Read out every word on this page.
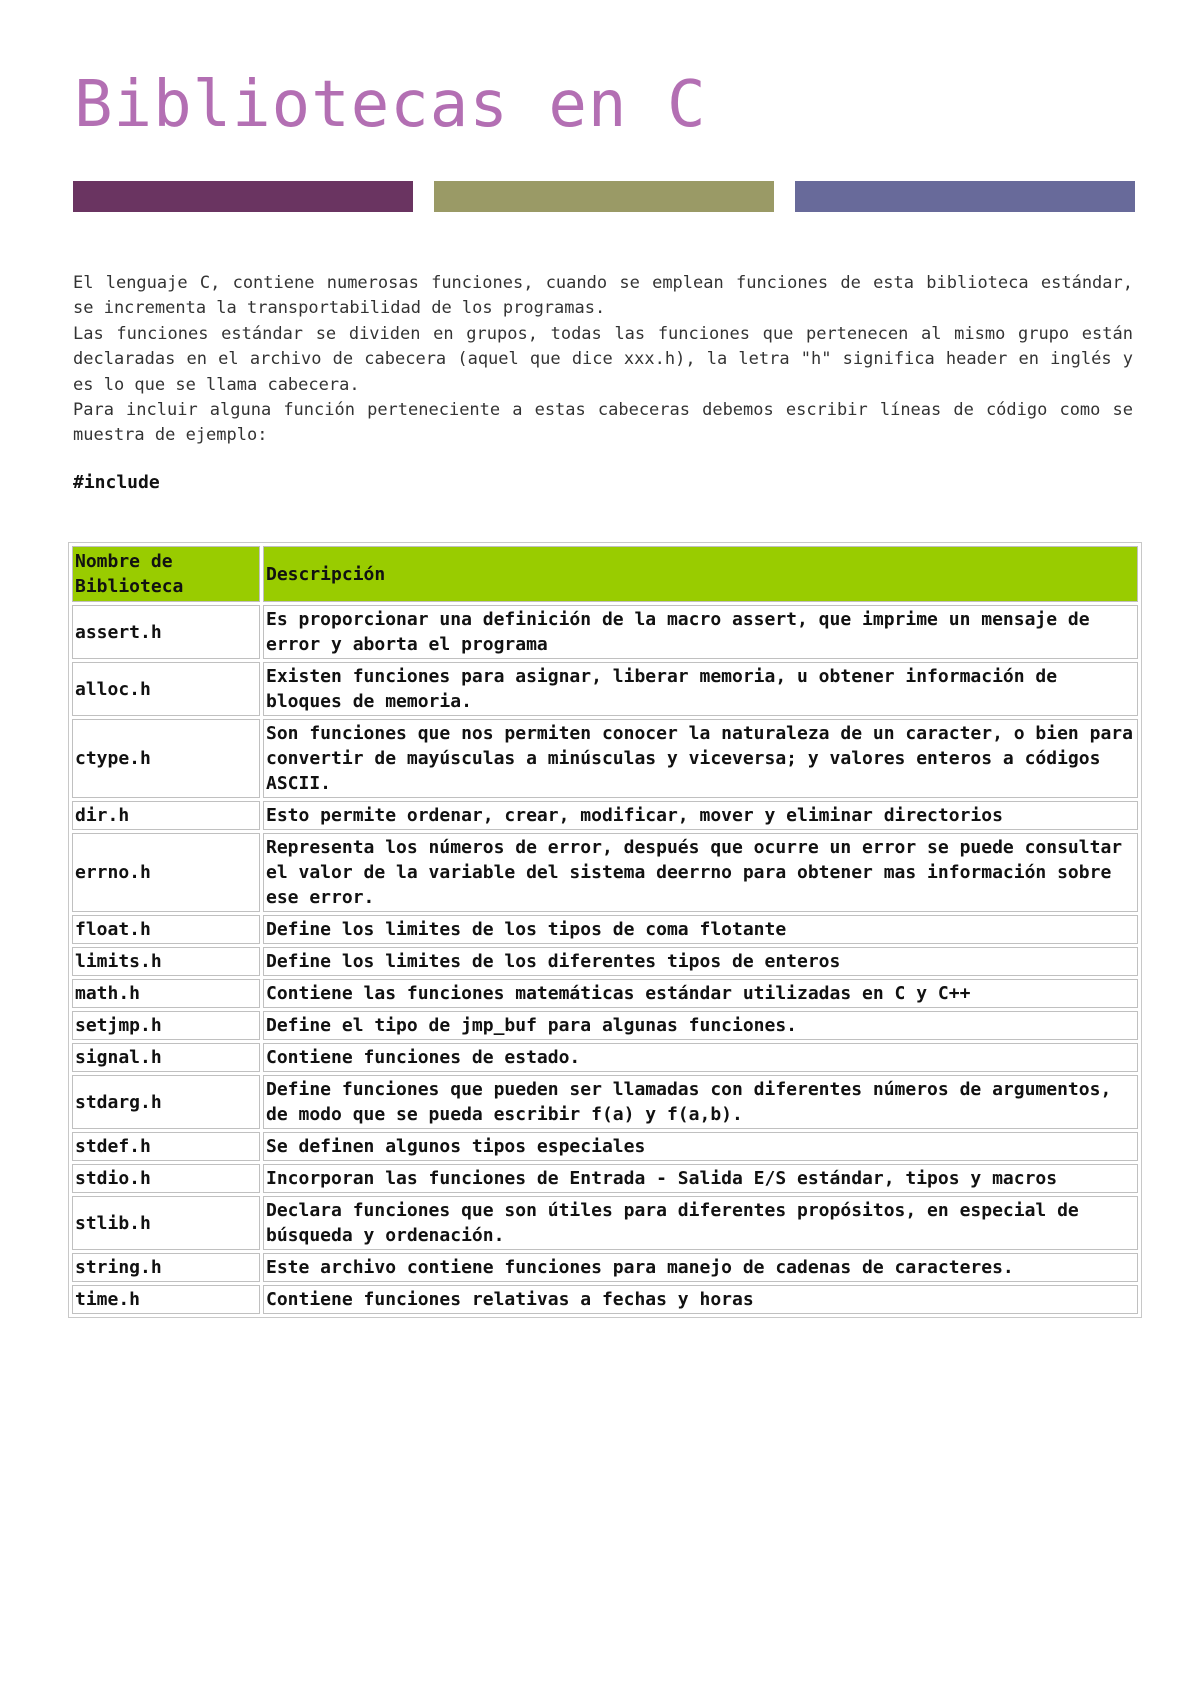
Bibliotecas en C

El lenguaje C, contiene numerosas funciones, cuando se emplean funciones de esta biblioteca estándar, se incrementa la transportabilidad de los programas.

Las funciones estándar se dividen en grupos, todas las funciones que pertenecen al mismo grupo están declaradas en el archivo de cabecera (aquel que dice xxx.h), la letra "h" significa header en inglés y es lo que se llama cabecera.

Para incluir alguna función perteneciente a estas cabeceras debemos escribir líneas de código como se muestra de ejemplo:

#include
Nombre de Biblioteca	Descripción
assert.h	Es proporcionar una definición de la macro assert, que imprime un mensaje de error y aborta el programa
alloc.h	Existen funciones para asignar, liberar memoria, u obtener información de bloques de memoria.
ctype.h	Son funciones que nos permiten conocer la naturaleza de un caracter, o bien para convertir de mayúsculas a minúsculas y viceversa; y valores enteros a códigos ASCII.
dir.h	Esto permite ordenar, crear, modificar, mover y eliminar directorios
errno.h	Representa los números de error, después que ocurre un error se puede consultar el valor de la variable del sistema deerrno para obtener mas información sobre ese error.
float.h	Define los limites de los tipos de coma flotante
limits.h	Define los limites de los diferentes tipos de enteros
math.h	Contiene las funciones matemáticas estándar utilizadas en C y C++
setjmp.h	Define el tipo de jmp_buf para algunas funciones.
signal.h	Contiene funciones de estado.
stdarg.h	Define funciones que pueden ser llamadas con diferentes números de argumentos, de modo que se pueda escribir f(a) y f(a,b).
stdef.h	Se definen algunos tipos especiales
stdio.h	Incorporan las funciones de Entrada - Salida E/S estándar, tipos y macros
stlib.h	Declara funciones que son útiles para diferentes propósitos, en especial de búsqueda y ordenación.
string.h	Este archivo contiene funciones para manejo de cadenas de caracteres.
time.h	Contiene funciones relativas a fechas y horas
